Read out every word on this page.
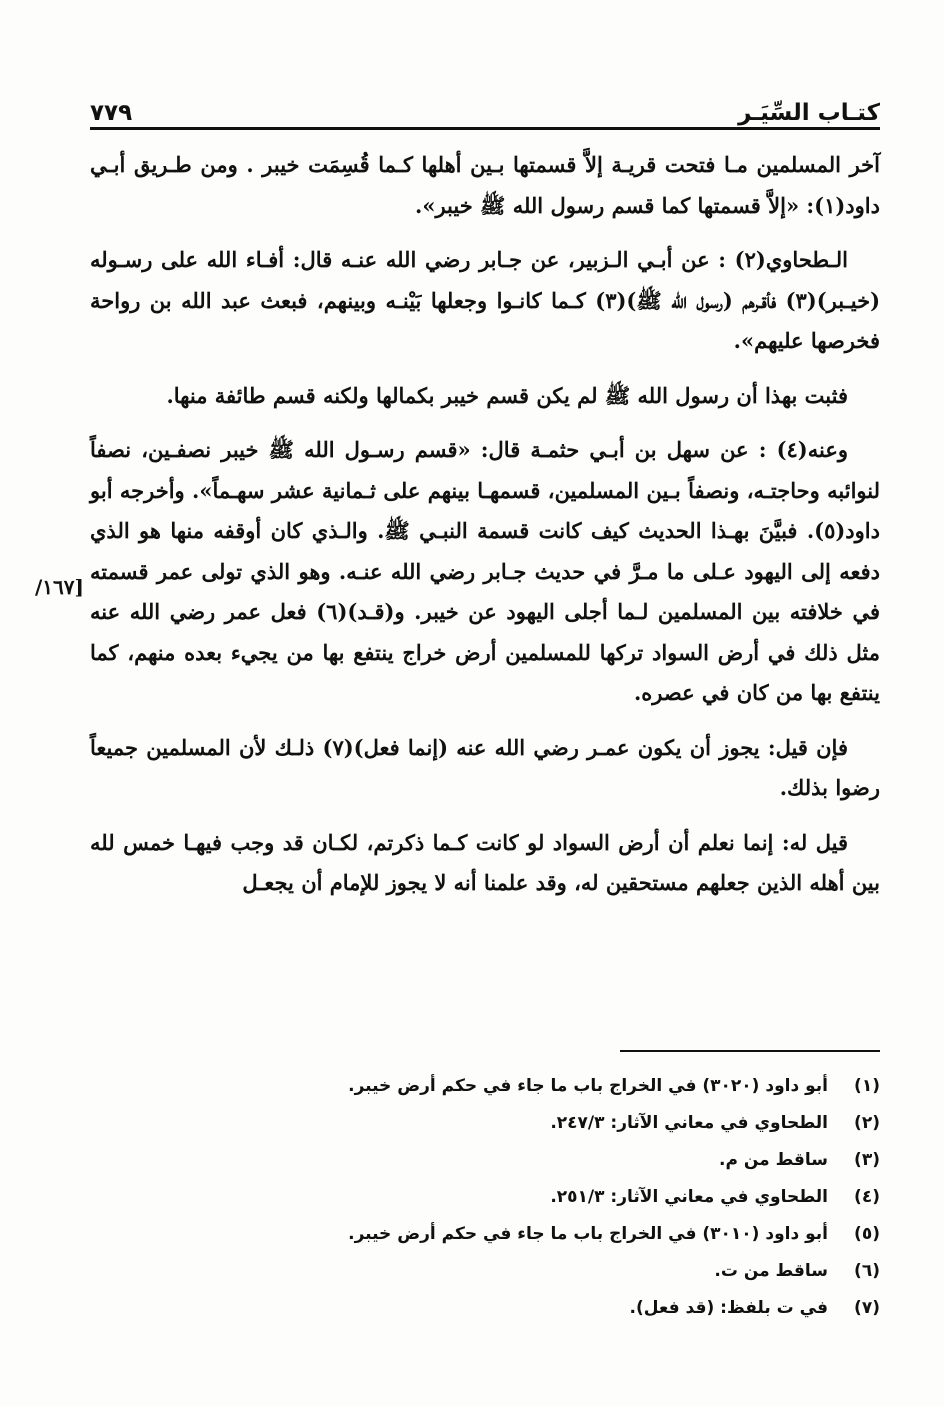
كتـاب السِّيَـر
٧٧٩

آخر المسلمين مـا فتحت قريـة إلاَّ قسمتها بـين أهلها كـما قُسِمَت خيبر . ومن طـريق أبـي داود(١): «إلاَّ قسمتها كما قسم رسول الله ﷺ خيبر».

الـطحاوي(٢) : عن أبـي الـزبير، عن جـابر رضي الله عنـه قال: أفـاء الله على رسـوله (خيـبر)(٣) فأقـرهم (رسول الله ﷺ)(٣) كـما كانـوا وجعلها بَيْنـه وبينهم، فبعث عبد الله بن رواحة فخرصها عليهم».

فثبت بهذا أن رسول الله ﷺ لم يكن قسم خيبر بكمالها ولكنه قسم طائفة منها.

وعنه(٤) : عن سهل بن أبـي حثمـة قال: «قسم رسـول الله ﷺ خيبر نصفـين، نصفاً لنوائبه وحاجتـه، ونصفاً بـين المسلمين، قسمهـا بينهم على ثـمانية عشر سهـماً». وأخرجه أبو داود(٥). فبيَّنَ بهـذا الحديث كيف كانت قسمة النبـي ﷺ. والـذي كان أوقفه منها هو الذي دفعه إلى اليهود عـلى ما مـرَّ في حديث جـابر رضي الله عنـه. وهو الذي تولى عمر قسمته في خلافته بين المسلمين لـما أجلى اليهود عن خيبر. و(قـد)(٦) فعل عمر رضي الله عنه مثل ذلك في أرض السواد تركها للمسلمين أرض خراج ينتفع بها من يجيء بعده منهم، كما ينتفع بها من كان في عصره.

فإن قيل: يجوز أن يكون عمـر رضي الله عنه (إنما فعل)(٧) ذلـك لأن المسلمين جميعاً رضوا بذلك.

قيل له: إنما نعلم أن أرض السواد لو كانت كـما ذكرتم، لكـان قد وجب فيهـا خمس لله بين أهله الذين جعلهم مستحقين له، وقد علمنا أنه لا يجوز للإمام أن يجعـل

[١٦٧/
(١)
أبو داود (٣٠٢٠) في الخراج باب ما جاء في حكم أرض خيبر.
(٢)
الطحاوي في معاني الآثار: ٢٤٧/٣.
(٣)
ساقط من م.
(٤)
الطحاوي في معاني الآثار: ٢٥١/٣.
(٥)
أبو داود (٣٠١٠) في الخراج باب ما جاء في حكم أرض خيبر.
(٦)
ساقط من ت.
(٧)
في ت بلفظ: (قد فعل).
